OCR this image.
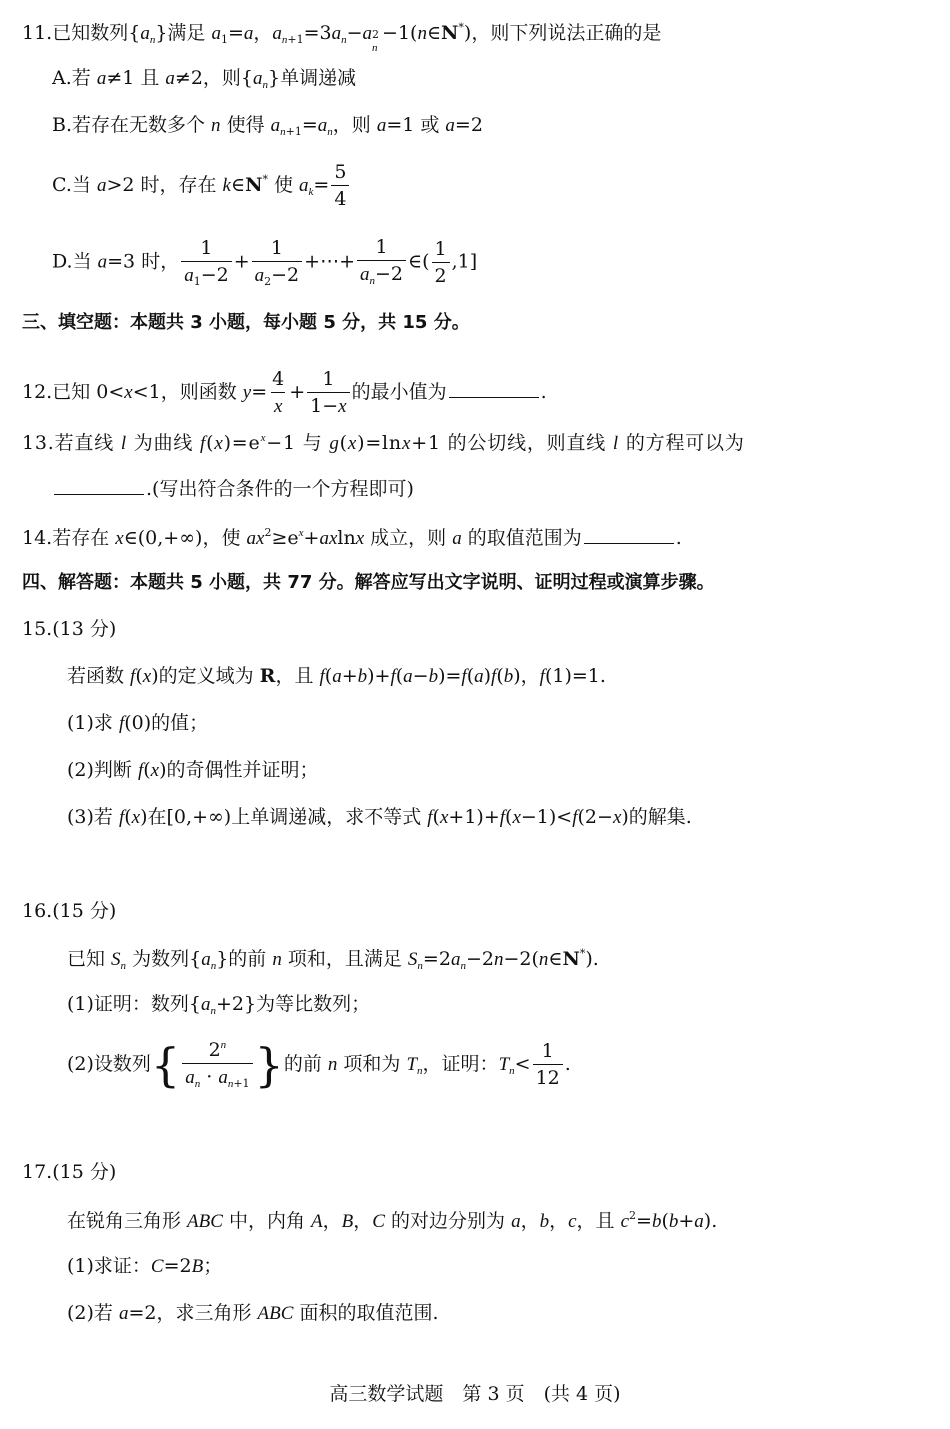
11.已知数列$\{a_n\}$满足 $a_1=a$，$a_{n+1}=3a_n-a$ 2
n
−1(n∈N*)，则下列说法正确的是
A.若 a≠1 且 a≠2，则$\{a_n\}$单调递减
B.若存在无数多个 n 使得 $a_{n+1}=a_n$，则 a=1 或 a=2
C.当 a>2 时，存在 k∈N* 使 $a_k= \frac{5}{4}$
D.当 a=3 时， $\frac{1}{a_1-2} + \frac{1}{a_2-2}$ +⋯+ $\frac{1}{a_n-2}$ ∈( $\frac{1}{2} ,1$]
三、填空题：本题共 3 小题，每小题 5 分，共 15 分。
12.已知 0<x<1，则函数 $y= \frac{4}{x} + \frac{1}{1-x}$ 的最小值为	.
13.若直线 l 为曲线 $f(x)=e^x-1$ 与 g(x)=lnx+1 的公切线，则直线 l 的方程可以为
.(写出符合条件的一个方程即可)
14.若存在 x∈(0,+∞)，使 $ax^2\ge e^x+axlnx$ 成立，则 a 的取值范围为	.
四、解答题：本题共 5 小题，共 77 分。解答应写出文字说明、证明过程或演算步骤。
15.(13 分)
若函数 f(x)的定义域为 R，且 f(a+b)+f(a−b)=f(a)f(b)，f(1)=1.
(1)求 f(0)的值；
(2)判断 f(x)的奇偶性并证明；
(3)若 f(x)在[0,+∞)上单调递减，求不等式 f(x+1)+f(x−1)<f(2−x)的解集.
16.(15 分)
已知 $S_n$ 为数列$\{a_n\}$的前 n 项和，且满足 $S_n=2a_n-2n-2(n\in N^*)$.
(1)证明：数列$\{a_n+2\}$为等比数列；
(2)设数列{ $\frac{2^n}{a_n \cdot a_{n+1}}$ }的前 n 项和为 $T_n$，证明：$T_n< \frac{1}{12}$ .
17.(15 分)
在锐角三角形 ABC 中，内角 A，B，C 的对边分别为 a，b，c，且 $c^2=b(b+a)$.
(1)求证：C=2B；
(2)若 a=2，求三角形 ABC 面积的取值范围.
高三数学试题　第 3 页　(共 4 页)
